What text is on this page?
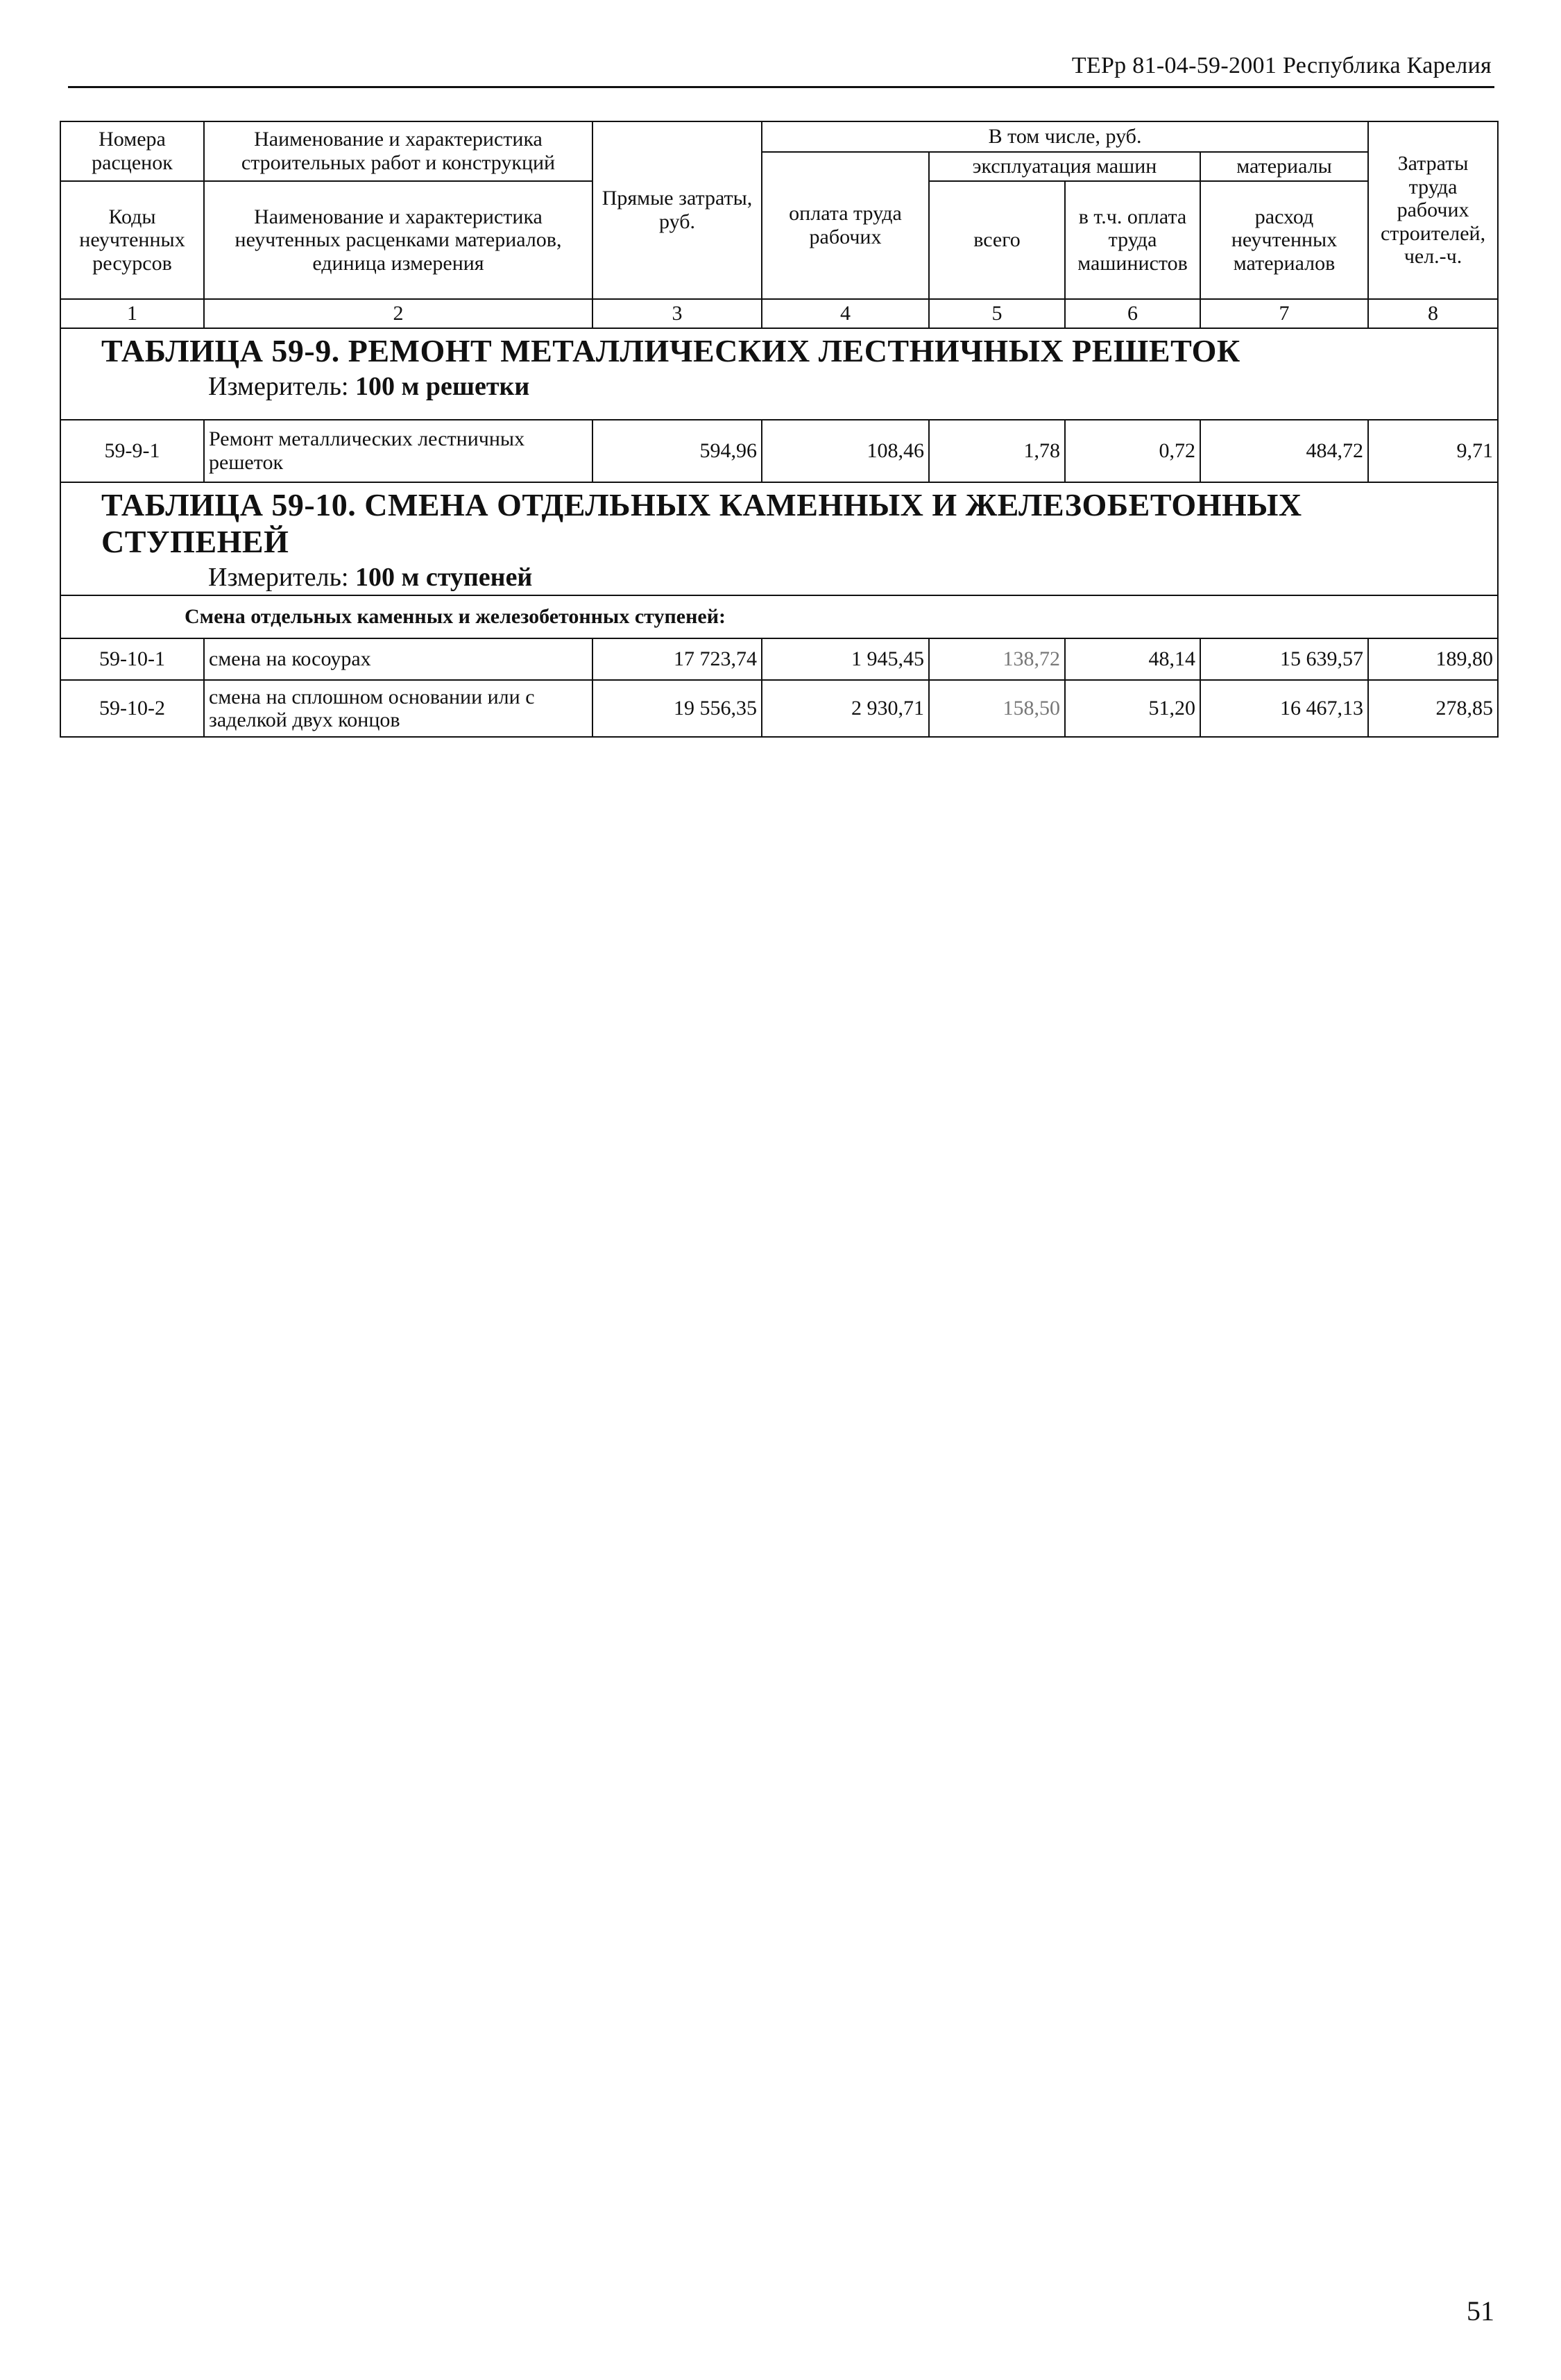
ТЕРр 81-04-59-2001 Республика Карелия
Номера расценок	Наименование и характеристика строительных работ и конструкций	Прямые затраты, руб.	В том числе, руб.				Затраты труда рабочих строителей, чел.-ч.
			оплата труда рабочих	эксплуатация машин		материалы	
Коды неучтенных ресурсов	Наименование и характеристика неучтенных расценками материалов, единица измерения			всего	в т.ч. оплата труда машинистов	расход неучтенных материалов	
1	2	3	4	5	6	7	8

ТАБЛИЦА 59-9. РЕМОНТ МЕТАЛЛИЧЕСКИХ ЛЕСТНИЧНЫХ РЕШЕТОК
Измеритель: 100 м решетки							

59-9-1	Ремонт металлических лестничных решеток	594,96	108,46	1,78	0,72	484,72	9,71

ТАБЛИЦА 59-10. СМЕНА ОТДЕЛЬНЫХ КАМЕННЫХ И ЖЕЛЕЗОБЕТОННЫХ СТУПЕНЕЙ
Измеритель: 100 м ступеней							

Смена отдельных каменных и железобетонных ступеней:							
59-10-1	смена на косоурах	17 723,74	1 945,45	138,72	48,14	15 639,57	189,80
59-10-2	смена на сплошном основании или с заделкой двух концов	19 556,35	2 930,71	158,50	51,20	16 467,13	278,85
51
